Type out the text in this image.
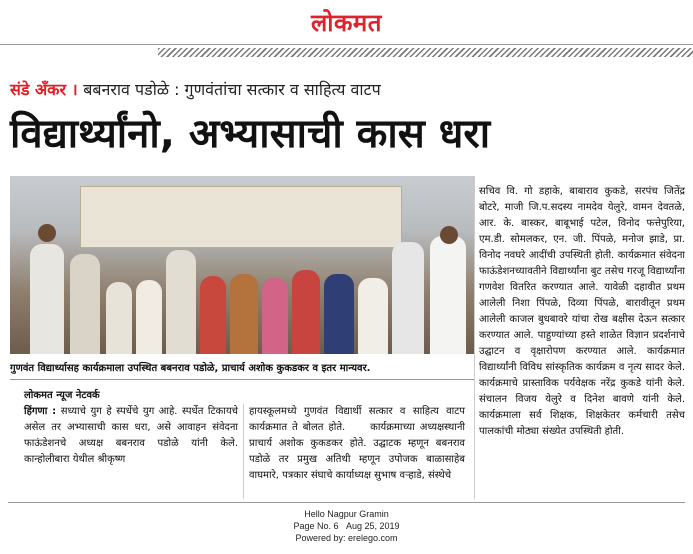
लोकमत
संडे अँकर । बबनराव पडोळे : गुणवंतांचा सत्कार व साहित्य वाटप
विद्यार्थ्यांनो, अभ्यासाची कास धरा
गुणवंत विद्यार्थ्यासह कार्यक्रमाला उपस्थित बबनराव पडोळे, प्राचार्य अशोक कुकडकर व इतर मान्यवर.
लोकमत न्यूज नेटवर्क
हिंगणा : सध्याचे युग हे स्पर्धेचे युग आहे. स्पर्धेत टिकायचे असेल तर अभ्यासाची कास धरा, असे आवाहन संवेदना फाऊंडेशनचे अध्यक्ष बबनराव पडोळे यांनी केले. कान्होलीबारा येथील श्रीकृष्ण
हायस्कूलमध्ये गुणवंत विद्यार्थी सत्कार व साहित्य वाटप कार्यक्रमात ते बोलत होते.     कार्यक्रमाच्या अध्यक्षस्थानी प्राचार्य अशोक कुकडकर होते. उद्घाटक म्हणून बबनराव पडोळे तर प्रमुख अतिथी म्हणून उपोजक बाळासाहेब वाघमारे, पत्रकार संघाचे कार्याध्यक्ष सुभाष वऱ्हाडे, संस्थेचे
सचिव वि. गो डहाके, बाबाराव कुकडे, सरपंच जितेंद्र बोटरे, माजी जि.प.सदस्य नामदेव येलुरे, वामन देवतळे, आर. के. बास्कर, बाबूभाई पटेल, विनोद फत्तेपुरिया, एम.डी. सोमलकर, एन. जी. पिंपळे, मनोज झाडे, प्रा. विनोद नवघरे आदींची उपस्थिती होती. कार्यक्रमात संवेदना फाऊंडेशनच्यावतीने विद्यार्थ्यांना बुट तसेच गरजू विद्यार्थ्यांना गणवेश वितरित करण्यात आले. यावेळी दहावीत प्रथम आलेली निशा पिंपळे, दिव्या पिंपळे, बारावीतून प्रथम आलेली काजल बुधबावरे यांचा रोख बक्षीस देऊन सत्कार करण्यात आले. पाहुण्यांच्या हस्ते शाळेत विज्ञान प्रदर्शनाचे उद्घाटन व वृक्षारोपण करण्यात आले. कार्यक्रमात विद्यार्थ्यांनी विविध सांस्कृतिक कार्यक्रम व नृत्य सादर केले. कार्यक्रमाचे प्रास्ताविक पर्यवेक्षक नरेंद्र कुकडे यांनी केले. संचालन विजय येलुरे व दिनेश बावणे यांनी केले. कार्यक्रमाला सर्व शिक्षक, शिक्षकेतर कर्मचारी तसेच पालकांची मोठ्या संख्येत उपस्थिती होती.
Hello Nagpur Gramin
Page No. 6   Aug 25, 2019
Powered by: erelego.com
